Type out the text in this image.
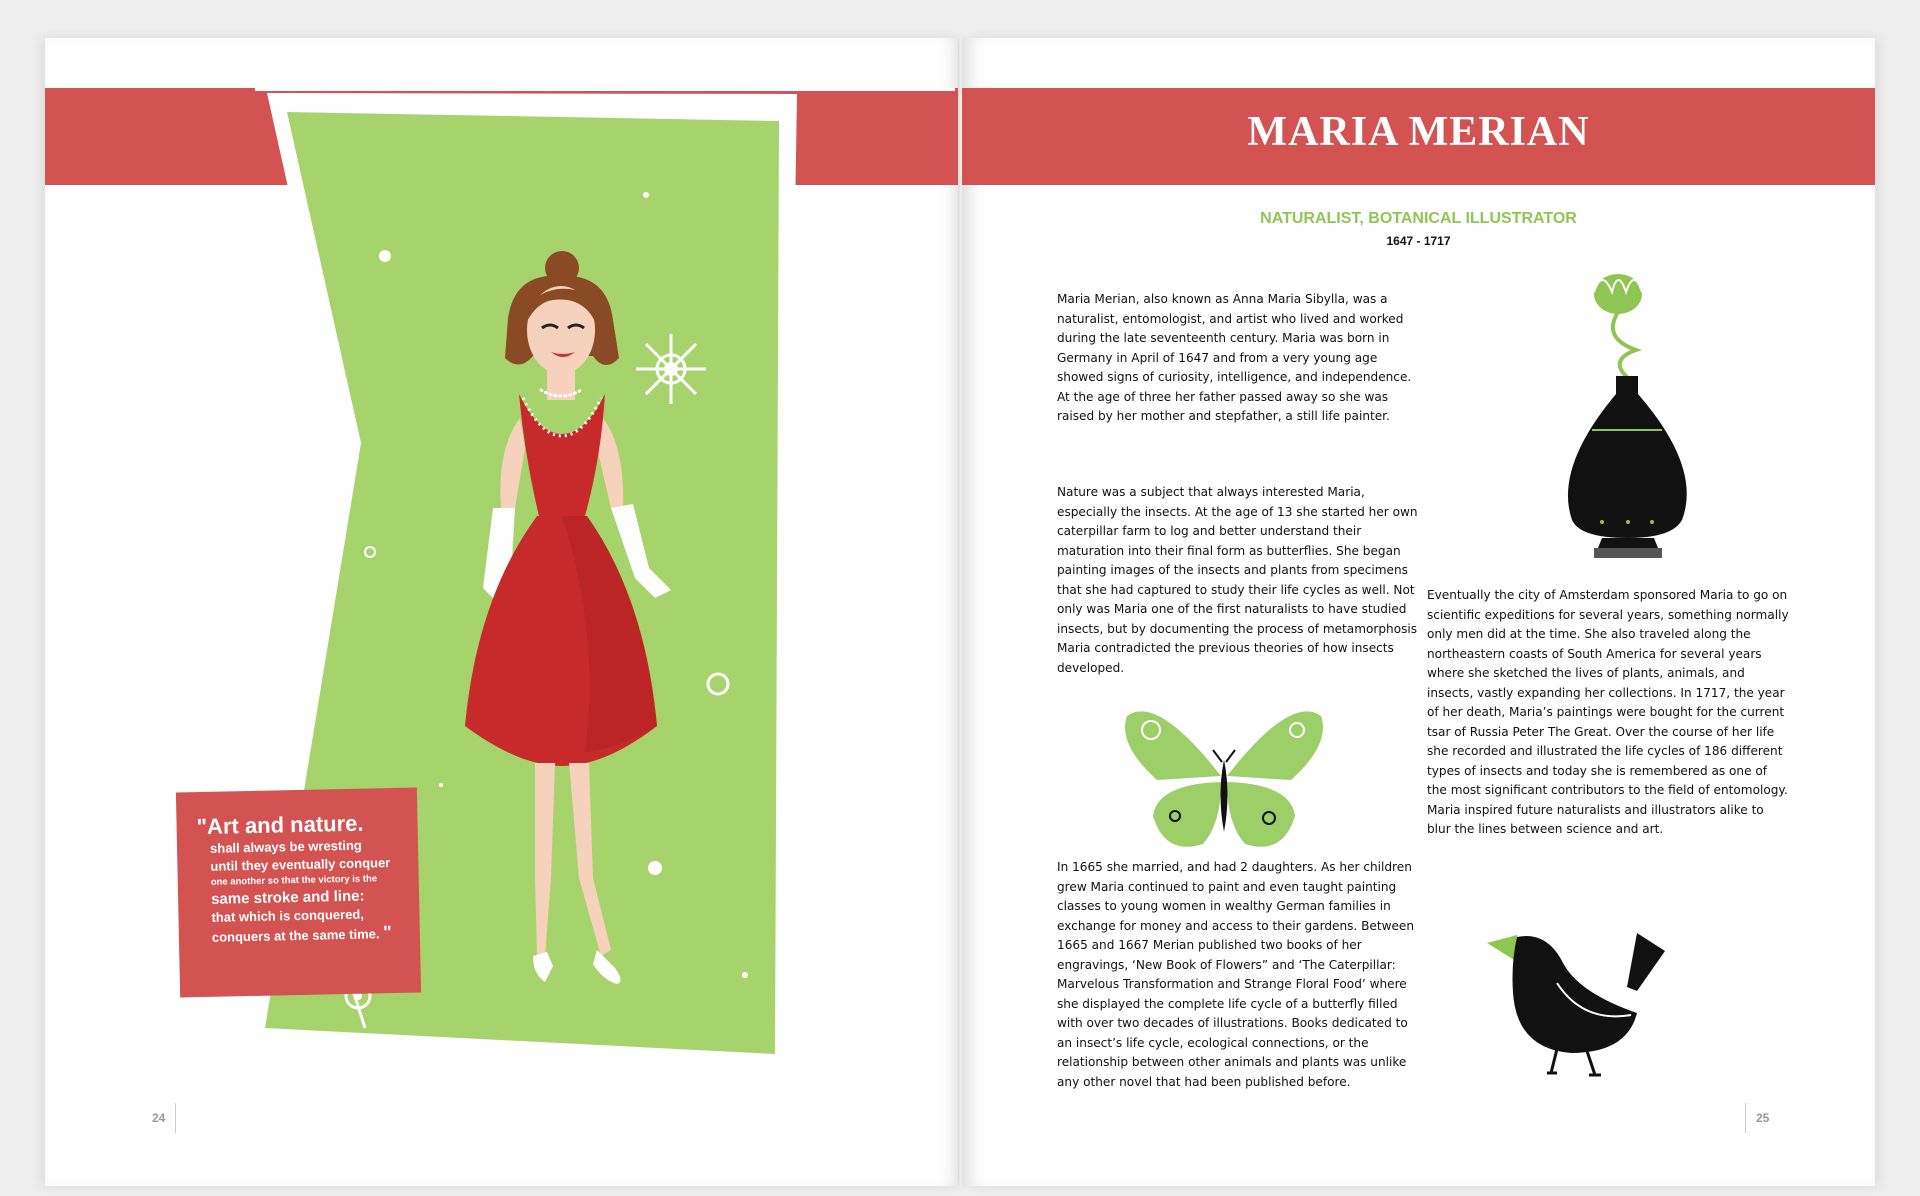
"Art and nature.
shall always be wresting
until they eventually conquer
one another so that the victory is the
same stroke and line:
that which is conquered,
conquers at the same time. "
24
MARIA MERIAN
NATURALIST, BOTANICAL ILLUSTRATOR
1647 - 1717

Maria Merian, also known as Anna Maria Sibylla, was a naturalist, entomologist, and artist who lived and worked during the late seventeenth century. Maria was born in Germany in April of 1647 and from a very young age showed signs of curiosity, intelligence, and independence. At the age of three her father passed away so she was raised by her mother and stepfather, a still life painter.

Nature was a subject that always interested Maria, especially the insects. At the age of 13 she started her own caterpillar farm to log and better understand their maturation into their final form as butterflies. She began painting images of the insects and plants from specimens that she had captured to study their life cycles as well. Not only was Maria one of the first naturalists to have studied insects, but by documenting the process of metamorphosis Maria contradicted the previous theories of how insects developed.

In 1665 she married, and had 2 daughters. As her children grew Maria continued to paint and even taught painting classes to young women in wealthy German families in exchange for money and access to their gardens. Between 1665 and 1667 Merian published two books of her engravings, ‘New Book of Flowers” and ‘The Caterpillar: Marvelous Transformation and Strange Floral Food’ where she displayed the complete life cycle of a butterfly filled with over two decades of illustrations. Books dedicated to an insect’s life cycle, ecological connections, or the relationship between other animals and plants was unlike any other novel that had been published before.

Eventually the city of Amsterdam sponsored Maria to go on scientific expeditions for several years, something normally only men did at the time. She also traveled along the northeastern coasts of South America for several years where she sketched the lives of plants, animals, and insects, vastly expanding her collections. In 1717, the year of her death, Maria’s paintings were bought for the current tsar of Russia Peter The Great. Over the course of her life she recorded and illustrated the life cycles of 186 different types of insects and today she is remembered as one of the most significant contributors to the field of entomology. Maria inspired future naturalists and illustrators alike to blur the lines between science and art.

25
